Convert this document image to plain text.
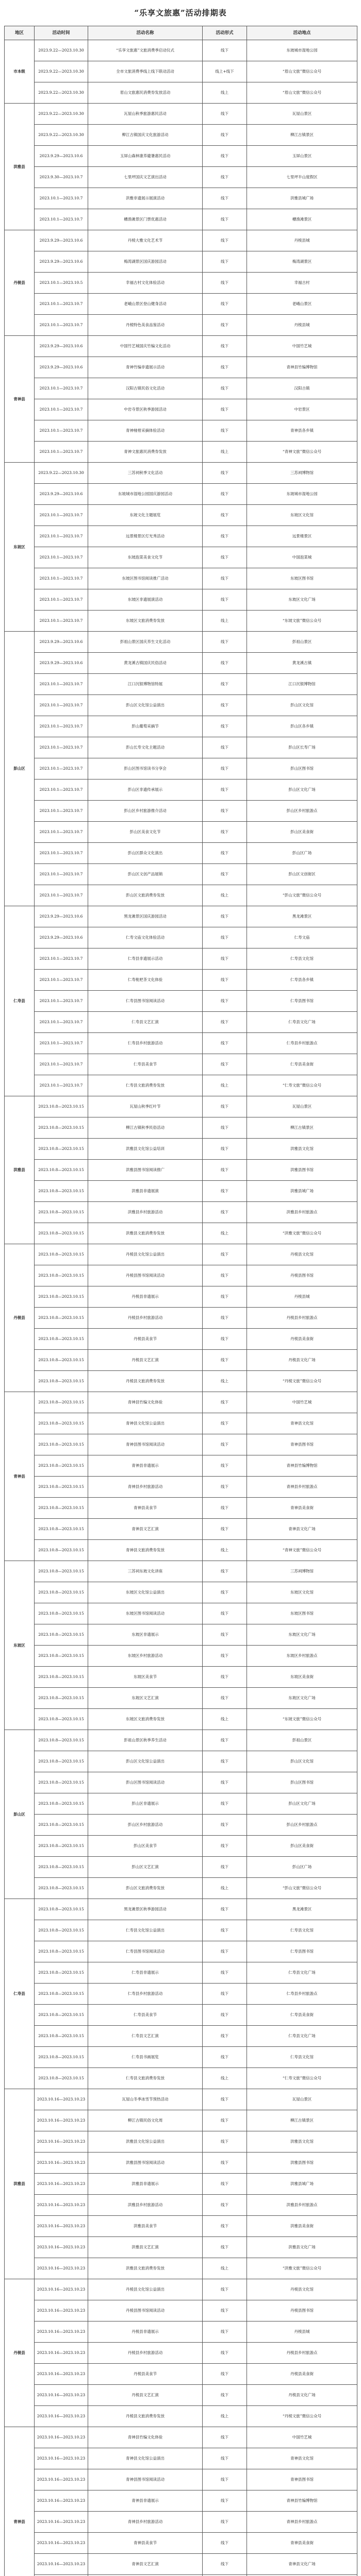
“乐享文旅惠”活动排期表
地区	活动时间	活动名称	活动形式	活动地点
市本级	2023.9.22—2023.10.30	“乐享文旅惠”文旅消费季启动仪式	线下	东坡城市湿地公园
	2023.9.22—2023.10.30	全市文旅消费季线上线下联动活动	线上+线下	“眉山文旅”微信公众号
	2023.9.22—2023.10.30	眉山文旅惠民消费券发放活动	线上	“眉山文旅”微信公众号
洪雅县	2023.9.22—2023.10.30	瓦屋山秋季旅游惠民活动	线下	瓦屋山景区
	2023.9.22—2023.10.30	柳江古镇国庆文化旅游活动	线下	柳江古镇景区
	2023.9.29—2023.10.6	玉屏山森林康养避暑惠民活动	线下	玉屏山景区
	2023.9.30—2023.10.7	七里坪国庆文艺演出活动	线下	七里坪半山度假区
	2023.10.1—2023.10.7	洪雅非遗展示展演活动	线下	洪雅县城广场
	2023.10.1—2023.10.7	槽渔滩景区门票优惠活动	线下	槽渔滩景区
丹棱县	2023.9.29—2023.10.6	丹棱大雅文化艺术节	线下	丹棱县城
	2023.9.29—2023.10.6	梅湾湖景区国庆游园活动	线下	梅湾湖景区
	2023.10.1—2023.10.5	幸福古村文化体验活动	线下	幸福古村
	2023.10.1—2023.10.7	老峨山景区登山健身活动	线下	老峨山景区
	2023.10.1—2023.10.7	丹棱特色美食品鉴活动	线下	丹棱县城
青神县	2023.9.29—2023.10.6	中国竹艺城国庆竹编文化活动	线下	中国竹艺城
	2023.9.29—2023.10.6	青神竹编非遗展示活动	线下	青神县竹编博物馆
	2023.10.1—2023.10.7	汉阳古镇民俗文化活动	线下	汉阳古镇
	2023.10.1—2023.10.7	中岩寺景区秋季游园活动	线下	中岩景区
	2023.10.1—2023.10.7	青神椪柑采摘体验活动	线下	青神县各乡镇
	2023.10.1—2023.10.7	青神文旅惠民消费券发放	线上	“青神文旅”微信公众号
东坡区	2023.9.22—2023.10.30	三苏祠秋季文化活动	线下	三苏祠博物馆
	2023.9.29—2023.10.6	东坡城市湿地公园国庆游园活动	线下	东坡城市湿地公园
	2023.10.1—2023.10.7	东坡文化主题展览	线下	东坡区文化馆
	2023.10.1—2023.10.7	远景楼景区灯光秀活动	线下	远景楼景区
	2023.10.1—2023.10.7	东坡泡菜美食文化节	线下	中国泡菜城
	2023.10.1—2023.10.7	东坡区图书馆阅读推广活动	线下	东坡区图书馆
	2023.10.1—2023.10.7	东坡区非遗展演活动	线下	东坡区文化广场
	2023.10.1—2023.10.7	东坡区文旅消费券发放	线上	“东坡文旅”微信公众号
彭山区	2023.9.29—2023.10.6	彭祖山景区国庆养生文化活动	线下	彭祖山景区
	2023.9.29—2023.10.6	黄龙溪古镇国庆民俗活动	线下	黄龙溪古镇
	2023.10.1—2023.10.7	江口沉银博物馆特展	线下	江口沉银博物馆
	2023.10.1—2023.10.7	彭山区文化馆公益演出	线下	彭山区文化馆
	2023.10.1—2023.10.7	彭山葡萄采摘节	线下	彭山区各乡镇
	2023.10.1—2023.10.7	彭山长寿文化主题活动	线下	彭山区长寿广场
	2023.10.1—2023.10.7	彭山区图书馆读书分享会	线下	彭山区图书馆
	2023.10.1—2023.10.7	彭山区非遗传承展示	线下	彭山区文化广场
	2023.10.1—2023.10.7	彭山区乡村旅游推介活动	线下	彭山区乡村旅游点
	2023.10.1—2023.10.7	彭山区美食文化节	线下	彭山区美食街
	2023.10.1—2023.10.7	彭山区群众文化演出	线下	彭山区广场
	2023.10.1—2023.10.7	彭山区文创产品展销	线下	彭山区文创街区
	2023.10.1—2023.10.7	彭山区文旅消费券发放	线上	“彭山文旅”微信公众号
仁寿县	2023.9.29—2023.10.6	黑龙滩景区国庆游园活动	线下	黑龙滩景区
	2023.9.29—2023.10.6	仁寿文庙文化体验活动	线下	仁寿文庙
	2023.10.1—2023.10.7	仁寿县非遗展示活动	线下	仁寿县文化馆
	2023.10.1—2023.10.7	仁寿枇杷茶文化体验	线下	仁寿县各乡镇
	2023.10.1—2023.10.7	仁寿县图书馆阅读活动	线下	仁寿县图书馆
	2023.10.1—2023.10.7	仁寿县文艺汇演	线下	仁寿县文化广场
	2023.10.1—2023.10.7	仁寿县乡村旅游活动	线下	仁寿县乡村旅游点
	2023.10.1—2023.10.7	仁寿县美食节	线下	仁寿县美食街
	2023.10.1—2023.10.7	仁寿县文旅消费券发放	线上	“仁寿文旅”微信公众号
洪雅县	2023.10.8—2023.10.15	瓦屋山秋季红叶节	线下	瓦屋山景区
	2023.10.8—2023.10.15	柳江古镇秋季民俗活动	线下	柳江古镇景区
	2023.10.8—2023.10.15	洪雅县文化馆公益培训	线下	洪雅县文化馆
	2023.10.8—2023.10.15	洪雅县图书馆阅读推广	线下	洪雅县图书馆
	2023.10.8—2023.10.15	洪雅县非遗展演	线下	洪雅县城广场
	2023.10.8—2023.10.15	洪雅县乡村旅游活动	线下	洪雅县乡村旅游点
	2023.10.8—2023.10.15	洪雅县文旅消费券发放	线上	“洪雅文旅”微信公众号
丹棱县	2023.10.8—2023.10.15	丹棱县文化馆公益演出	线下	丹棱县文化馆
	2023.10.8—2023.10.15	丹棱县图书馆阅读活动	线下	丹棱县图书馆
	2023.10.8—2023.10.15	丹棱县非遗展示	线下	丹棱县城
	2023.10.8—2023.10.15	丹棱县乡村旅游活动	线下	丹棱县乡村旅游点
	2023.10.8—2023.10.15	丹棱县美食节	线下	丹棱县美食街
	2023.10.8—2023.10.15	丹棱县文艺汇演	线下	丹棱县文化广场
	2023.10.8—2023.10.15	丹棱县文旅消费券发放	线上	“丹棱文旅”微信公众号
青神县	2023.10.8—2023.10.15	青神县竹编文化体验	线下	中国竹艺城
	2023.10.8—2023.10.15	青神县文化馆公益演出	线下	青神县文化馆
	2023.10.8—2023.10.15	青神县图书馆阅读活动	线下	青神县图书馆
	2023.10.8—2023.10.15	青神县非遗展示	线下	青神县竹编博物馆
	2023.10.8—2023.10.15	青神县乡村旅游活动	线下	青神县乡村旅游点
	2023.10.8—2023.10.15	青神县美食节	线下	青神县美食街
	2023.10.8—2023.10.15	青神县文艺汇演	线下	青神县文化广场
	2023.10.8—2023.10.15	青神县文旅消费券发放	线上	“青神文旅”微信公众号
东坡区	2023.10.8—2023.10.15	三苏祠东坡文化讲座	线下	三苏祠博物馆
	2023.10.8—2023.10.15	东坡区文化馆公益演出	线下	东坡区文化馆
	2023.10.8—2023.10.15	东坡区图书馆阅读活动	线下	东坡区图书馆
	2023.10.8—2023.10.15	东坡区非遗展示	线下	东坡区文化广场
	2023.10.8—2023.10.15	东坡区乡村旅游活动	线下	东坡区乡村旅游点
	2023.10.8—2023.10.15	东坡区美食节	线下	东坡区美食街
	2023.10.8—2023.10.15	东坡区文艺汇演	线下	东坡区文化广场
	2023.10.8—2023.10.15	东坡区文旅消费券发放	线上	“东坡文旅”微信公众号
彭山区	2023.10.8—2023.10.15	彭祖山景区秋季养生活动	线下	彭祖山景区
	2023.10.8—2023.10.15	彭山区文化馆公益演出	线下	彭山区文化馆
	2023.10.8—2023.10.15	彭山区图书馆阅读活动	线下	彭山区图书馆
	2023.10.8—2023.10.15	彭山区非遗展示	线下	彭山区文化广场
	2023.10.8—2023.10.15	彭山区乡村旅游活动	线下	彭山区乡村旅游点
	2023.10.8—2023.10.15	彭山区美食节	线下	彭山区美食街
	2023.10.8—2023.10.15	彭山区文艺汇演	线下	彭山区广场
	2023.10.8—2023.10.15	彭山区文旅消费券发放	线上	“彭山文旅”微信公众号
仁寿县	2023.10.8—2023.10.15	黑龙滩景区秋季游园活动	线下	黑龙滩景区
	2023.10.8—2023.10.15	仁寿县文化馆公益演出	线下	仁寿县文化馆
	2023.10.8—2023.10.15	仁寿县图书馆阅读活动	线下	仁寿县图书馆
	2023.10.8—2023.10.15	仁寿县非遗展示	线下	仁寿县文化广场
	2023.10.8—2023.10.15	仁寿县乡村旅游活动	线下	仁寿县乡村旅游点
	2023.10.8—2023.10.15	仁寿县美食节	线下	仁寿县美食街
	2023.10.8—2023.10.15	仁寿县文艺汇演	线下	仁寿县文化广场
	2023.10.8—2023.10.15	仁寿县书画展览	线下	仁寿县文化馆
	2023.10.8—2023.10.15	仁寿县文旅消费券发放	线上	“仁寿文旅”微信公众号
洪雅县	2023.10.16—2023.10.23	瓦屋山冬季冰雪节预热活动	线下	瓦屋山景区
	2023.10.16—2023.10.23	柳江古镇民俗文化周	线下	柳江古镇景区
	2023.10.16—2023.10.23	洪雅县文化馆公益演出	线下	洪雅县文化馆
	2023.10.16—2023.10.23	洪雅县图书馆阅读活动	线下	洪雅县图书馆
	2023.10.16—2023.10.23	洪雅县非遗展示	线下	洪雅县城广场
	2023.10.16—2023.10.23	洪雅县乡村旅游活动	线下	洪雅县乡村旅游点
	2023.10.16—2023.10.23	洪雅县美食节	线下	洪雅县美食街
	2023.10.16—2023.10.23	洪雅县文艺汇演	线下	洪雅县文化广场
	2023.10.16—2023.10.23	洪雅县文旅消费券发放	线上	“洪雅文旅”微信公众号
丹棱县	2023.10.16—2023.10.23	丹棱县文化馆公益演出	线下	丹棱县文化馆
	2023.10.16—2023.10.23	丹棱县图书馆阅读活动	线下	丹棱县图书馆
	2023.10.16—2023.10.23	丹棱县非遗展示	线下	丹棱县城
	2023.10.16—2023.10.23	丹棱县乡村旅游活动	线下	丹棱县乡村旅游点
	2023.10.16—2023.10.23	丹棱县美食节	线下	丹棱县美食街
	2023.10.16—2023.10.23	丹棱县文艺汇演	线下	丹棱县文化广场
	2023.10.16—2023.10.23	丹棱县文旅消费券发放	线上	“丹棱文旅”微信公众号
青神县	2023.10.16—2023.10.23	青神县竹编文化体验	线下	中国竹艺城
	2023.10.16—2023.10.23	青神县文化馆公益演出	线下	青神县文化馆
	2023.10.16—2023.10.23	青神县图书馆阅读活动	线下	青神县图书馆
	2023.10.16—2023.10.23	青神县非遗展示	线下	青神县竹编博物馆
	2023.10.16—2023.10.23	青神县乡村旅游活动	线下	青神县乡村旅游点
	2023.10.16—2023.10.23	青神县美食节	线下	青神县美食街
	2023.10.16—2023.10.23	青神县文艺汇演	线下	青神县文化广场
